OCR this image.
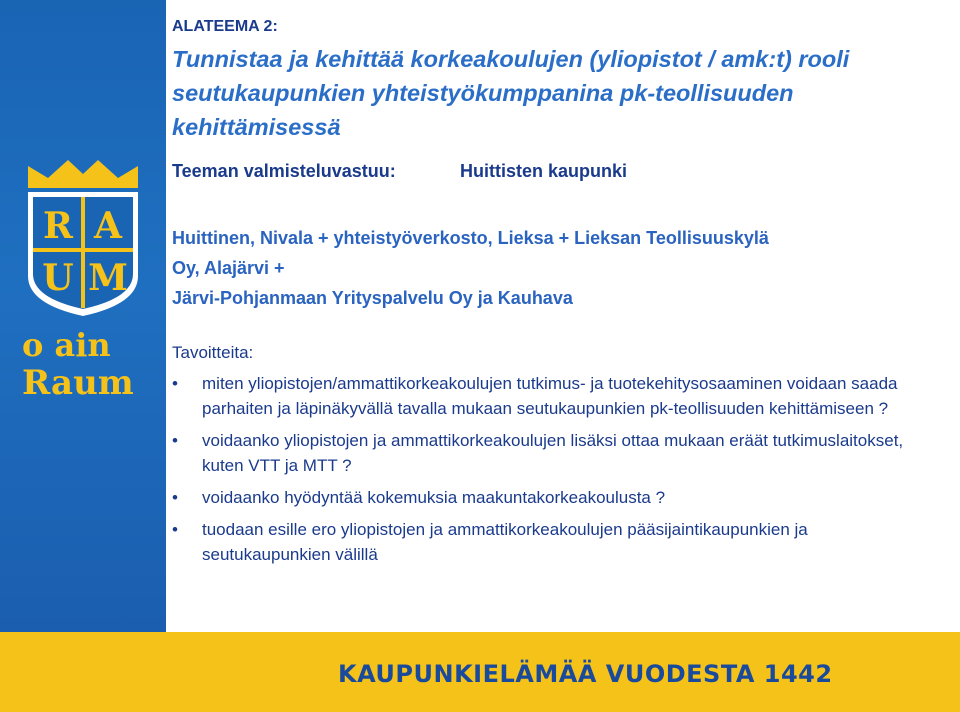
R A
U M
o ain
Raum
KAUPUNKIELÄMÄÄ VUODESTA 1442

ALATEEMA 2:

Tunnistaa ja kehittää korkeakoulujen (yliopistot / amk:t) rooli seutukaupunkien yhteistyökumppanina pk-teollisuuden kehittämisessä
Teeman valmisteluvastuu:	Huittisten kaupunki
Huittinen, Nivala + yhteistyöverkosto, Lieksa + Lieksan Teollisuuskylä
Oy, Alajärvi +
Järvi-Pohjanmaan Yrityspalvelu Oy ja Kauhava
Tavoitteita:
• miten yliopistojen/ammattikorkeakoulujen tutkimus- ja tuotekehitysosaaminen voidaan saada parhaiten ja läpinäkyvällä tavalla mukaan seutukaupunkien pk-teollisuuden kehittämiseen ?
• voidaanko yliopistojen ja ammattikorkeakoulujen lisäksi ottaa mukaan eräät tutkimuslaitokset, kuten VTT ja MTT ?
• voidaanko hyödyntää kokemuksia maakuntakorkeakoulusta ?
• tuodaan esille ero yliopistojen ja ammattikorkeakoulujen pääsijaintikaupunkien ja seutukaupunkien välillä
